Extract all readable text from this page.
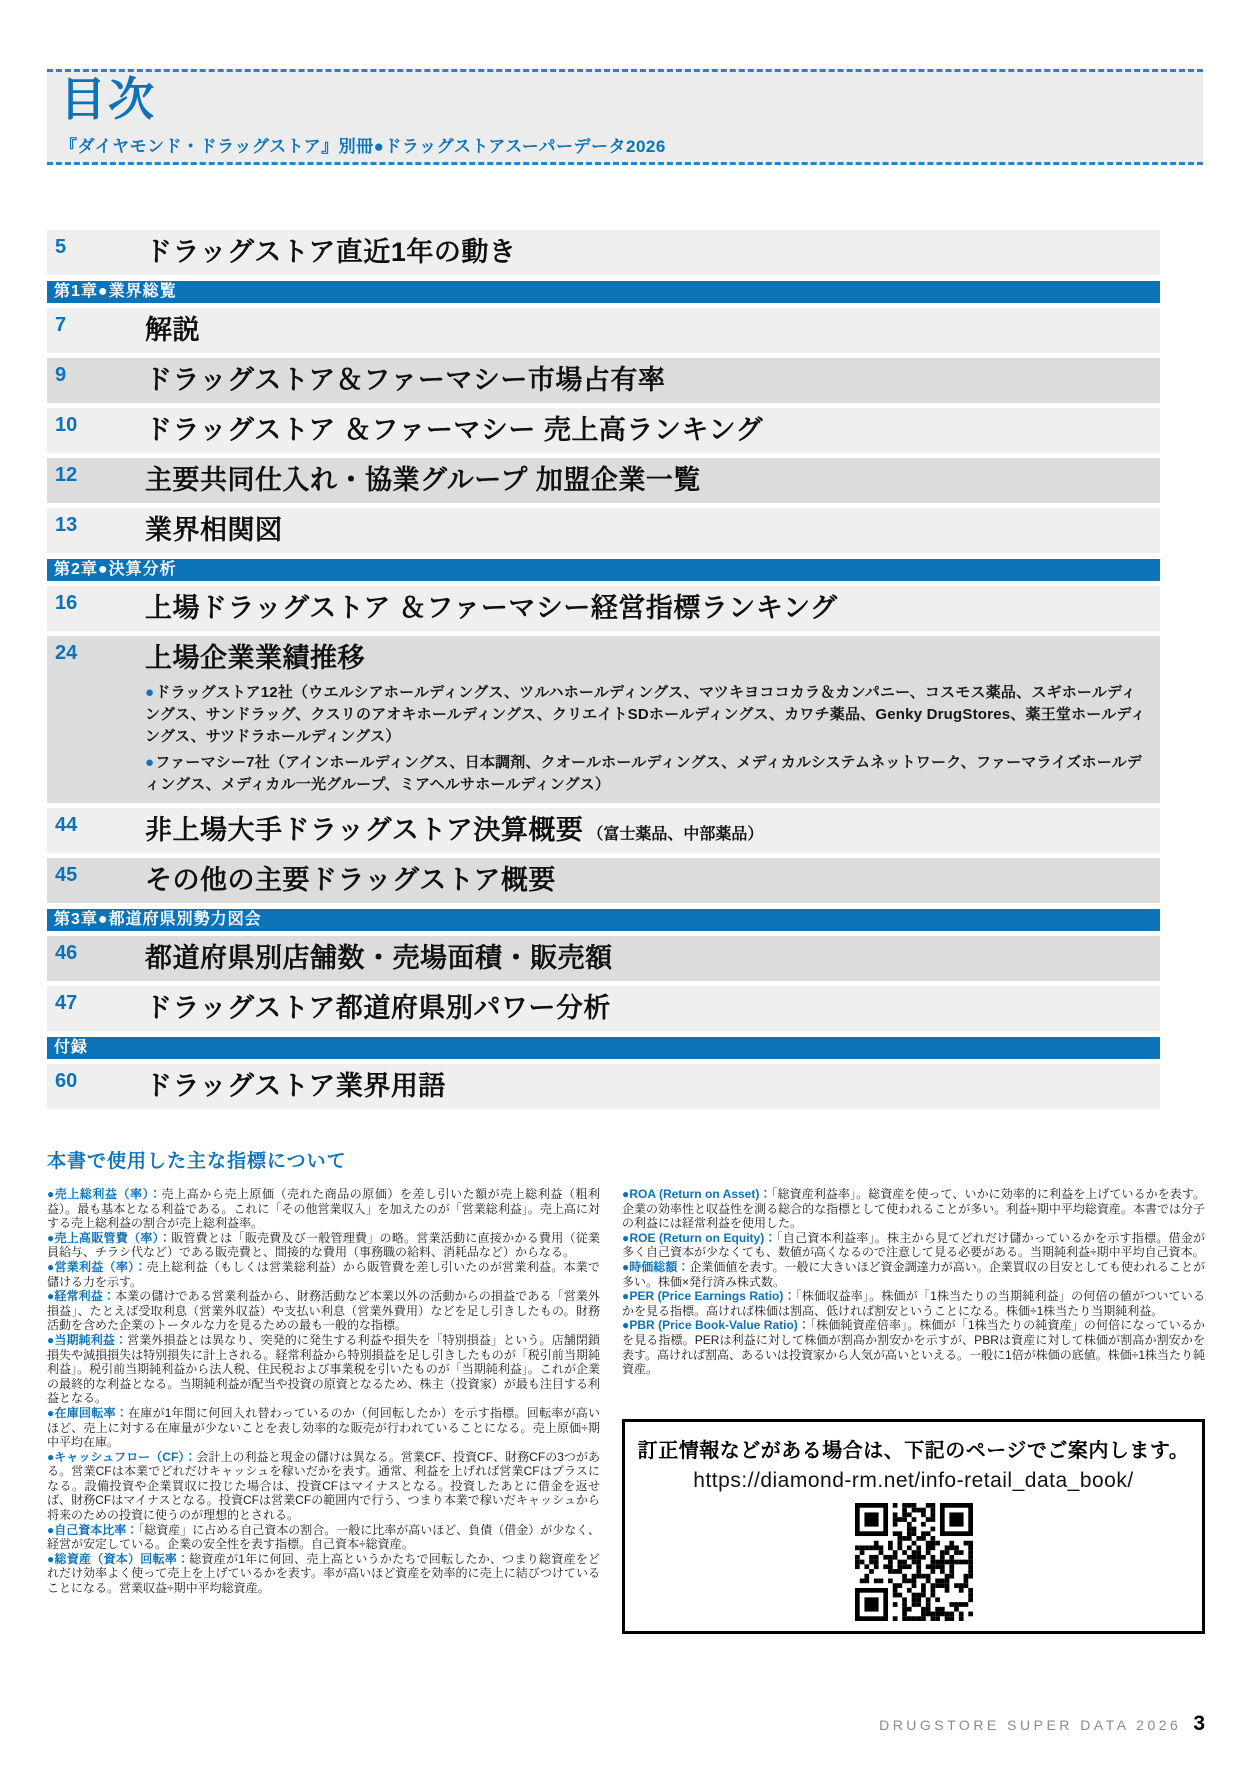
目次

『ダイヤモンド・ドラッグストア』別冊●ドラッグストアスーパーデータ2026

5	ドラッグストア直近1年の動き
第1章●業界総覧
7	解説
9	ドラッグストア＆ファーマシー市場占有率
10	ドラッグストア ＆ファーマシー 売上高ランキング
12	主要共同仕入れ・協業グループ 加盟企業一覧
13	業界相関図
第2章●決算分析
16	上場ドラッグストア ＆ファーマシー経営指標ランキング
24	上場企業業績推移
●ドラッグストア12社（ウエルシアホールディングス、ツルハホールディングス、マツキヨココカラ＆カンパニー、コスモス薬品、スギホールディングス、サンドラッグ、クスリのアオキホールディングス、クリエイトSDホールディングス、カワチ薬品、Genky DrugStores、薬王堂ホールディングス、サツドラホールディングス）
●ファーマシー7社（アインホールディングス、日本調剤、クオールホールディングス、メディカルシステムネットワーク、ファーマライズホールディングス、メディカル一光グループ、ミアヘルサホールディングス）
44	非上場大手ドラッグストア決算概要 （富士薬品、中部薬品）
45	その他の主要ドラッグストア概要
第3章●都道府県別勢力図会
46	都道府県別店舗数・売場面積・販売額
47	ドラッグストア都道府県別パワー分析
付録
60	ドラッグストア業界用語
本書で使用した主な指標について

●売上総利益（率）：売上高から売上原価（売れた商品の原価）を差し引いた額が売上総利益（粗利益）。最も基本となる利益である。これに「その他営業収入」を加えたのが「営業総利益」。売上高に対する売上総利益の割合が売上総利益率。

●売上高販管費（率）：販管費とは「販売費及び一般管理費」の略。営業活動に直接かかる費用（従業員給与、チラシ代など）である販売費と、間接的な費用（事務職の給料、消耗品など）からなる。

●営業利益（率）：売上総利益（もしくは営業総利益）から販管費を差し引いたのが営業利益。本業で儲ける力を示す。

●経常利益：本業の儲けである営業利益から、財務活動など本業以外の活動からの損益である「営業外損益」、たとえば受取利息（営業外収益）や支払い利息（営業外費用）などを足し引きしたもの。財務活動を含めた企業のトータルな力を見るための最も一般的な指標。

●当期純利益：営業外損益とは異なり、突発的に発生する利益や損失を「特別損益」という。店舗閉鎖損失や減損損失は特別損失に計上される。経常利益から特別損益を足し引きしたものが「税引前当期純利益」。税引前当期純利益から法人税、住民税および事業税を引いたものが「当期純利益」。これが企業の最終的な利益となる。当期純利益が配当や投資の原資となるため、株主（投資家）が最も注目する利益となる。

●在庫回転率：在庫が1年間に何回入れ替わっているのか（何回転したか）を示す指標。回転率が高いほど、売上に対する在庫量が少ないことを表し効率的な販売が行われていることになる。売上原価÷期中平均在庫。

●キャッシュフロー（CF）：会計上の利益と現金の儲けは異なる。営業CF、投資CF、財務CFの3つがある。営業CFは本業でどれだけキャッシュを稼いだかを表す。通常、利益を上げれば営業CFはプラスになる。設備投資や企業買収に投じた場合は、投資CFはマイナスとなる。投資したあとに借金を返せば、財務CFはマイナスとなる。投資CFは営業CFの範囲内で行う、つまり本業で稼いだキャッシュから将来のための投資に使うのが理想的とされる。

●自己資本比率：「総資産」に占める自己資本の割合。一般に比率が高いほど、負債（借金）が少なく、経営が安定している。企業の安全性を表す指標。自己資本÷総資産。

●総資産（資本）回転率：総資産が1年に何回、売上高というかたちで回転したか、つまり総資産をどれだけ効率よく使って売上を上げているかを表す。率が高いほど資産を効率的に売上に結びつけていることになる。営業収益÷期中平均総資産。

●ROA (Return on Asset)：「総資産利益率」。総資産を使って、いかに効率的に利益を上げているかを表す。企業の効率性と収益性を測る総合的な指標として使われることが多い。利益÷期中平均総資産。本書では分子の利益には経常利益を使用した。

●ROE (Return on Equity)：「自己資本利益率」。株主から見てどれだけ儲かっているかを示す指標。借金が多く自己資本が少なくても、数値が高くなるので注意して見る必要がある。当期純利益÷期中平均自己資本。

●時価総額：企業価値を表す。一般に大きいほど資金調達力が高い。企業買収の目安としても使われることが多い。株価×発行済み株式数。

●PER (Price Earnings Ratio)：「株価収益率」。株価が「1株当たりの当期純利益」の何倍の値がついているかを見る指標。高ければ株価は割高、低ければ割安ということになる。株価÷1株当たり当期純利益。

●PBR (Price Book-Value Ratio)：「株価純資産倍率」。株価が「1株当たりの純資産」の何倍になっているかを見る指標。PERは利益に対して株価が割高か割安かを示すが、PBRは資産に対して株価が割高か割安かを表す。高ければ割高、あるいは投資家から人気が高いといえる。一般に1倍が株価の底値。株価÷1株当たり純資産。

訂正情報などがある場合は、下記のページでご案内します。

https://diamond-rm.net/info-retail_data_book/

DRUGSTORE SUPER DATA 2026 3
